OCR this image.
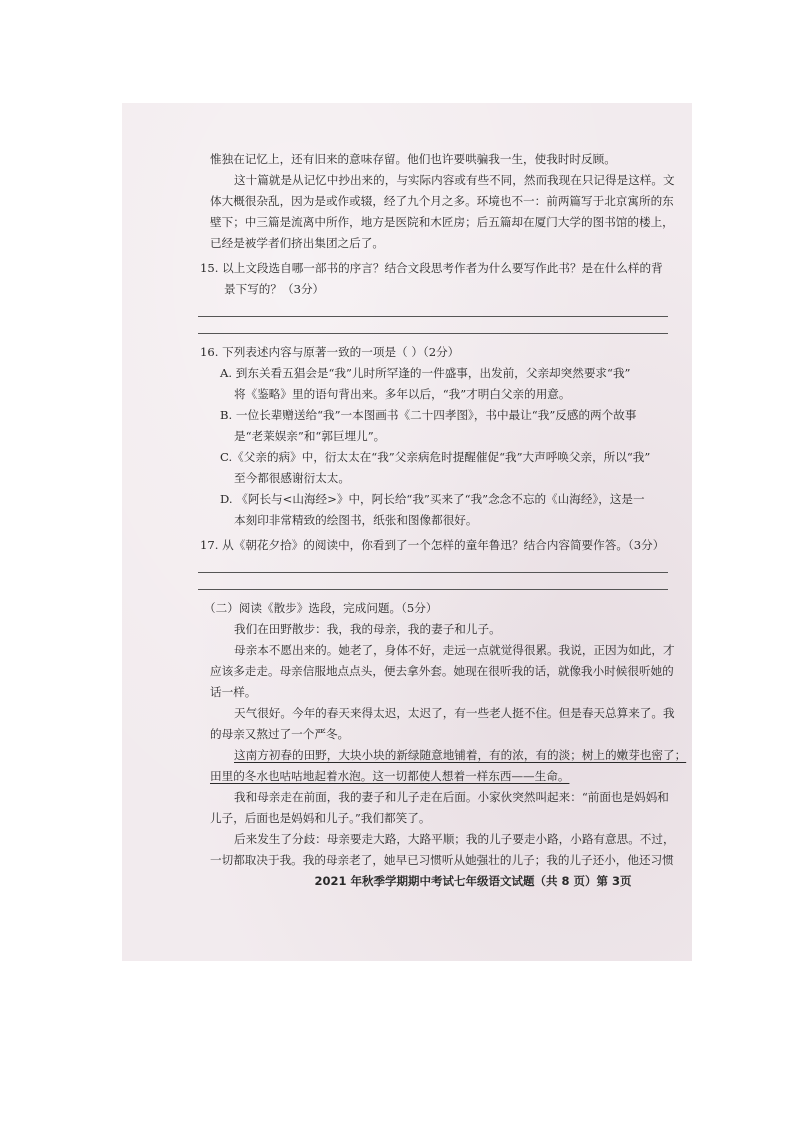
惟独在记忆上，还有旧来的意味存留。他们也许要哄骗我一生，使我时时反顾。
这十篇就是从记忆中抄出来的，与实际内容或有些不同，然而我现在只记得是这样。文
体大概很杂乱，因为是或作或辍，经了九个月之多。环境也不一：前两篇写于北京寓所的东
壁下；中三篇是流离中所作，地方是医院和木匠房；后五篇却在厦门大学的图书馆的楼上，
已经是被学者们挤出集团之后了。
15. 以上文段选自哪一部书的序言？结合文段思考作者为什么要写作此书？是在什么样的背
景下写的？（3分）
16. 下列表述内容与原著一致的一项是（ ）（2分）
A. 到东关看五猖会是“我”儿时所罕逢的一件盛事，出发前，父亲却突然要求“我”
将《鉴略》里的语句背出来。多年以后，“我”才明白父亲的用意。
B. 一位长辈赠送给“我”一本图画书《二十四孝图》，书中最让“我”反感的两个故事
是“老莱娱亲”和“郭巨埋儿”。
C.《父亲的病》中，衍太太在“我”父亲病危时提醒催促“我”大声呼唤父亲，所以“我”
至今都很感谢衍太太。
D. 《阿长与<山海经>》中，阿长给“我”买来了“我”念念不忘的《山海经》，这是一
本刻印非常精致的绘图书，纸张和图像都很好。
17. 从《朝花夕拾》的阅读中，你看到了一个怎样的童年鲁迅？结合内容简要作答。（3分）
（二）阅读《散步》选段，完成问题。（5分）
我们在田野散步：我，我的母亲，我的妻子和儿子。
母亲本不愿出来的。她老了，身体不好，走远一点就觉得很累。我说，正因为如此，才
应该多走走。母亲信服地点点头，便去拿外套。她现在很听我的话，就像我小时候很听她的
话一样。
天气很好。今年的春天来得太迟，太迟了，有一些老人挺不住。但是春天总算来了。我
的母亲又熬过了一个严冬。
这南方初春的田野，大块小块的新绿随意地铺着，有的浓，有的淡；树上的嫩芽也密了；
田里的冬水也咕咕地起着水泡。这一切都使人想着一样东西——生命。
我和母亲走在前面，我的妻子和儿子走在后面。小家伙突然叫起来：“前面也是妈妈和
儿子，后面也是妈妈和儿子。”我们都笑了。
后来发生了分歧：母亲要走大路，大路平顺；我的儿子要走小路，小路有意思。不过，
一切都取决于我。我的母亲老了，她早已习惯听从她强壮的儿子；我的儿子还小，他还习惯
2021 年秋季学期期中考试七年级语文试题（共 8 页）第 3页
